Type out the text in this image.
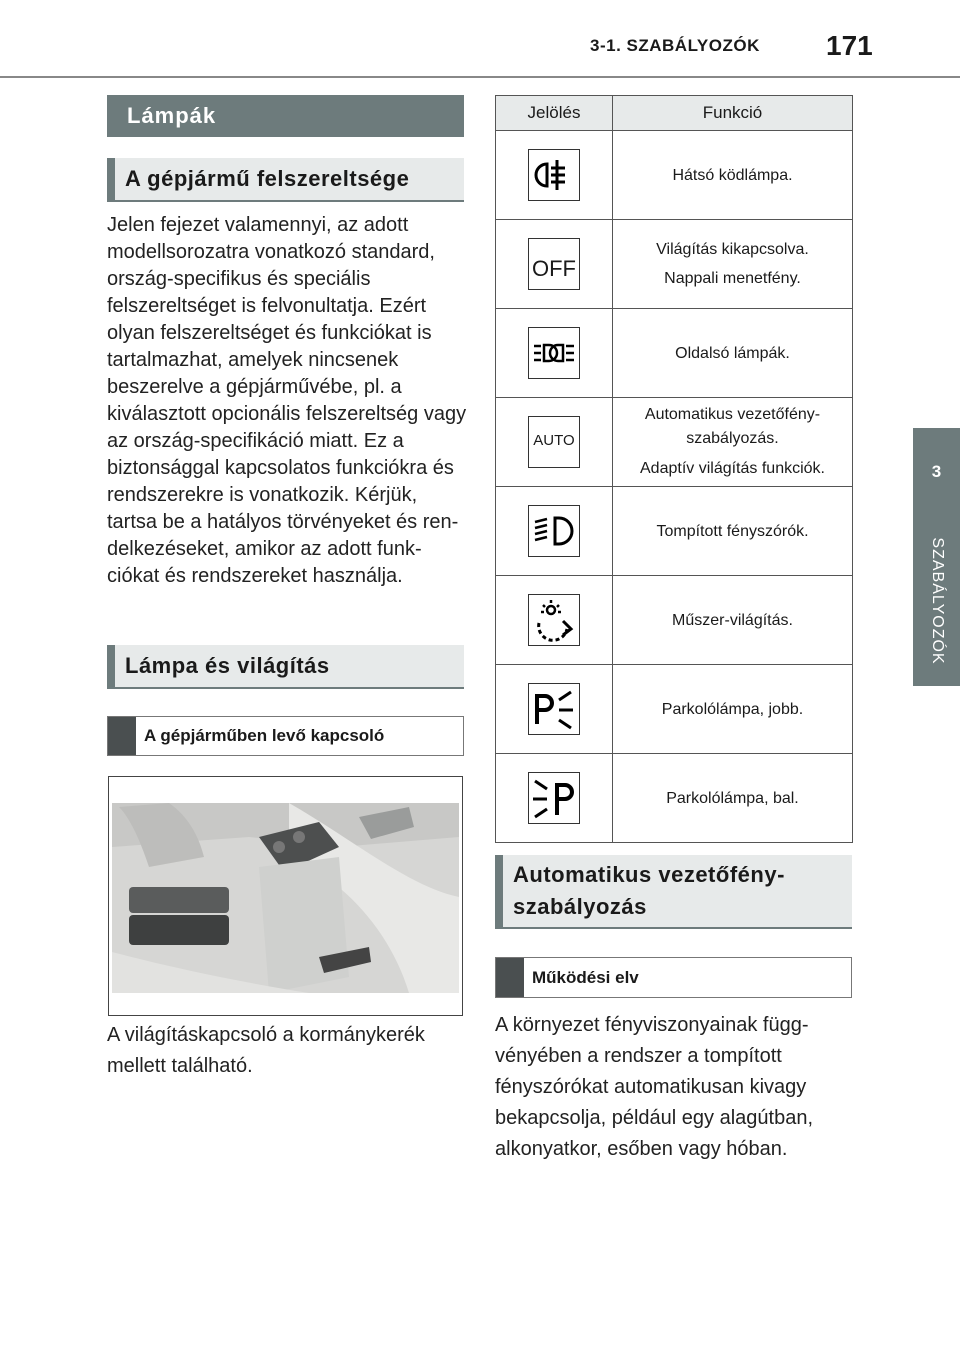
3-1. SZABÁLYOZÓK 171
3
SZABÁLYOZÓK
Lámpák
A gépjármű felszereltsége
Jelen fejezet valamennyi, az adott modellsorozatra vonatkozó standard, ország-specifikus és speciális felszereltséget is felvonultatja. Ezért olyan felszereltséget és funkciókat is tartalmazhat, amelyek nincsenek beszerelve a gépjárművébe, pl. a kiválasztott opcionális felszereltség vagy az ország-specifikáció miatt. Ez a biztonsággal kapcsolatos funkciókra és rendszerekre is vonatkozik. Kérjük, tartsa be a hatályos törvényeket és rendelkezéseket, amikor az adott funkciókat és rendszereket használja.
Lámpa és világítás
A gépjárműben levő kapcsoló
A világításkapcsoló a kormánykerék mellett található.
Jelölés	Funkció

Hátsó ködlámpa.

OFF	Világítás kikapcsolva.
Nappali menetfény.

Oldalsó lámpák.

AUTO	Automatikus vezetőfény-szabályozás.
Adaptív világítás funkciók.

Tompított fényszórók.

Műszer-világítás.

Parkolólámpa, jobb.

Parkolólámpa, bal.
Automatikus vezetőfényszabályozás
Működési elv
A környezet fényviszonyainak függvényében a rendszer a tompított fényszórókat automatikusan kivagy bekapcsolja, például egy alagútban, alkonyatkor, esőben vagy hóban.
